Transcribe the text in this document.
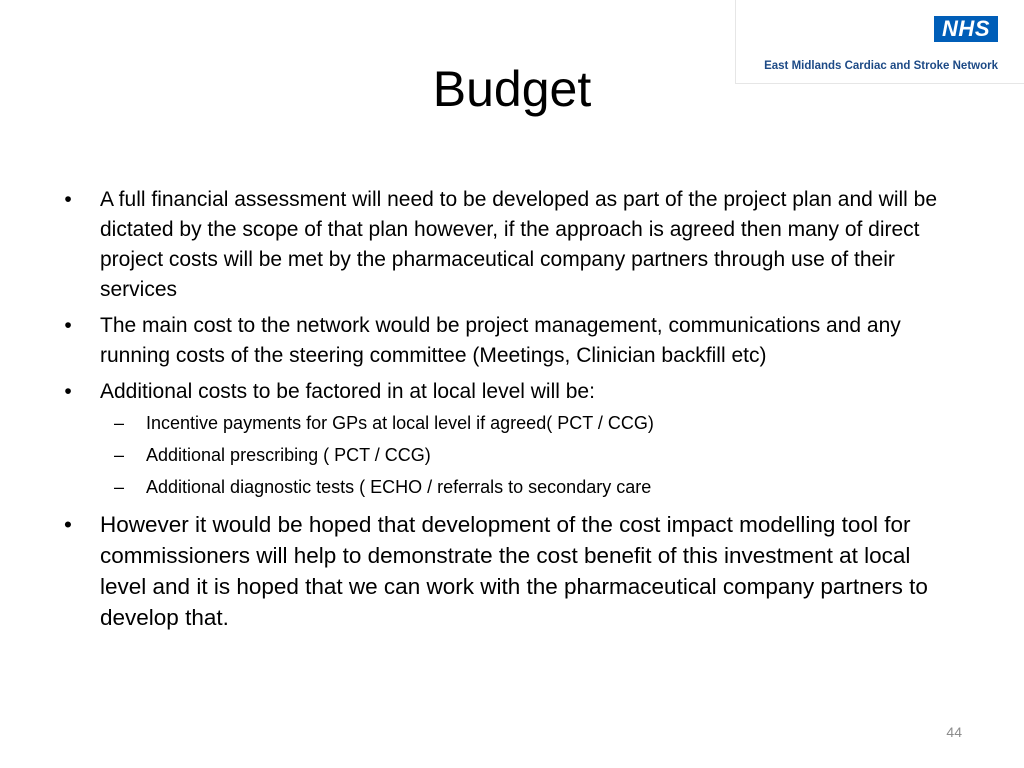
NHS
East Midlands Cardiac and Stroke Network
Budget
•	A full financial assessment will need to be developed as part of the project plan and will be dictated by the scope of that plan however, if the approach is agreed then many of direct project costs will be met by the pharmaceutical company partners through use of their services
•	The main cost to the network would be project management, communications and any running costs of the steering committee (Meetings, Clinician backfill etc)
•	Additional costs to be factored in at local level will be:
–	Incentive payments for GPs at local level if agreed( PCT / CCG)
–	Additional prescribing ( PCT / CCG)
–	Additional diagnostic tests ( ECHO / referrals to secondary care
• However it would be hoped that development of the cost impact modelling tool for commissioners will help to demonstrate the cost benefit of this investment at local level and it is hoped that we can work with the pharmaceutical company partners to develop that.
44
